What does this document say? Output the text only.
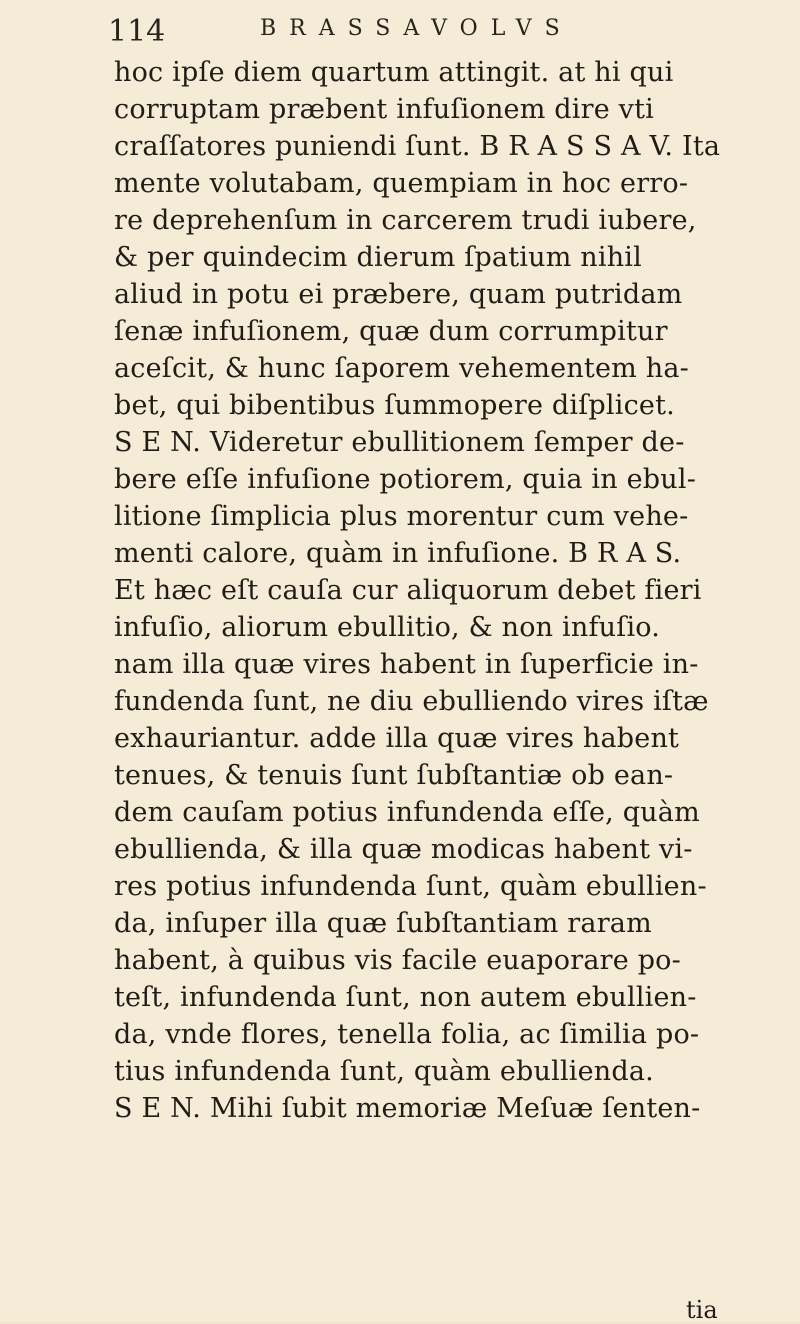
114	BRASSAVOLVS
hoc ipſe diem quartum attingit. at hi qui
corruptam præbent infuſionem dire vti
craſſatores puniendi ſunt. B R A S S A V. Ita
mente volutabam, quempiam in hoc erro-
re deprehenſum in carcerem trudi iubere,
& per quindecim dierum ſpatium nihil
aliud in potu ei præbere, quam putridam
ſenæ infuſionem, quæ dum corrumpitur
aceſcit, & hunc ſaporem vehementem ha-
bet, qui bibentibus ſummopere diſplicet.
S E N. Videretur ebullitionem ſemper de-
bere eſſe infuſione potiorem, quia in ebul-
litione ſimplicia plus morentur cum vehe-
menti calore, quàm in infuſione. B R A S.
Et hæc eſt cauſa cur aliquorum debet fieri
infuſio, aliorum ebullitio, & non infuſio.
nam illa quæ vires habent in ſuperficie in-
fundenda ſunt, ne diu ebulliendo vires iſtæ
exhauriantur. adde illa quæ vires habent
tenues, & tenuis ſunt ſubſtantiæ ob ean-
dem cauſam potius infundenda eſſe, quàm
ebullienda, & illa quæ modicas habent vi-
res potius infundenda ſunt, quàm ebullien-
da, inſuper illa quæ ſubſtantiam raram
habent, à quibus vis facile euaporare po-
teſt, infundenda ſunt, non autem ebullien-
da, vnde flores, tenella folia, ac ſimilia po-
tius infundenda ſunt, quàm ebullienda.
S E N. Mihi ſubit memoriæ Meſuæ ſenten-
tia
